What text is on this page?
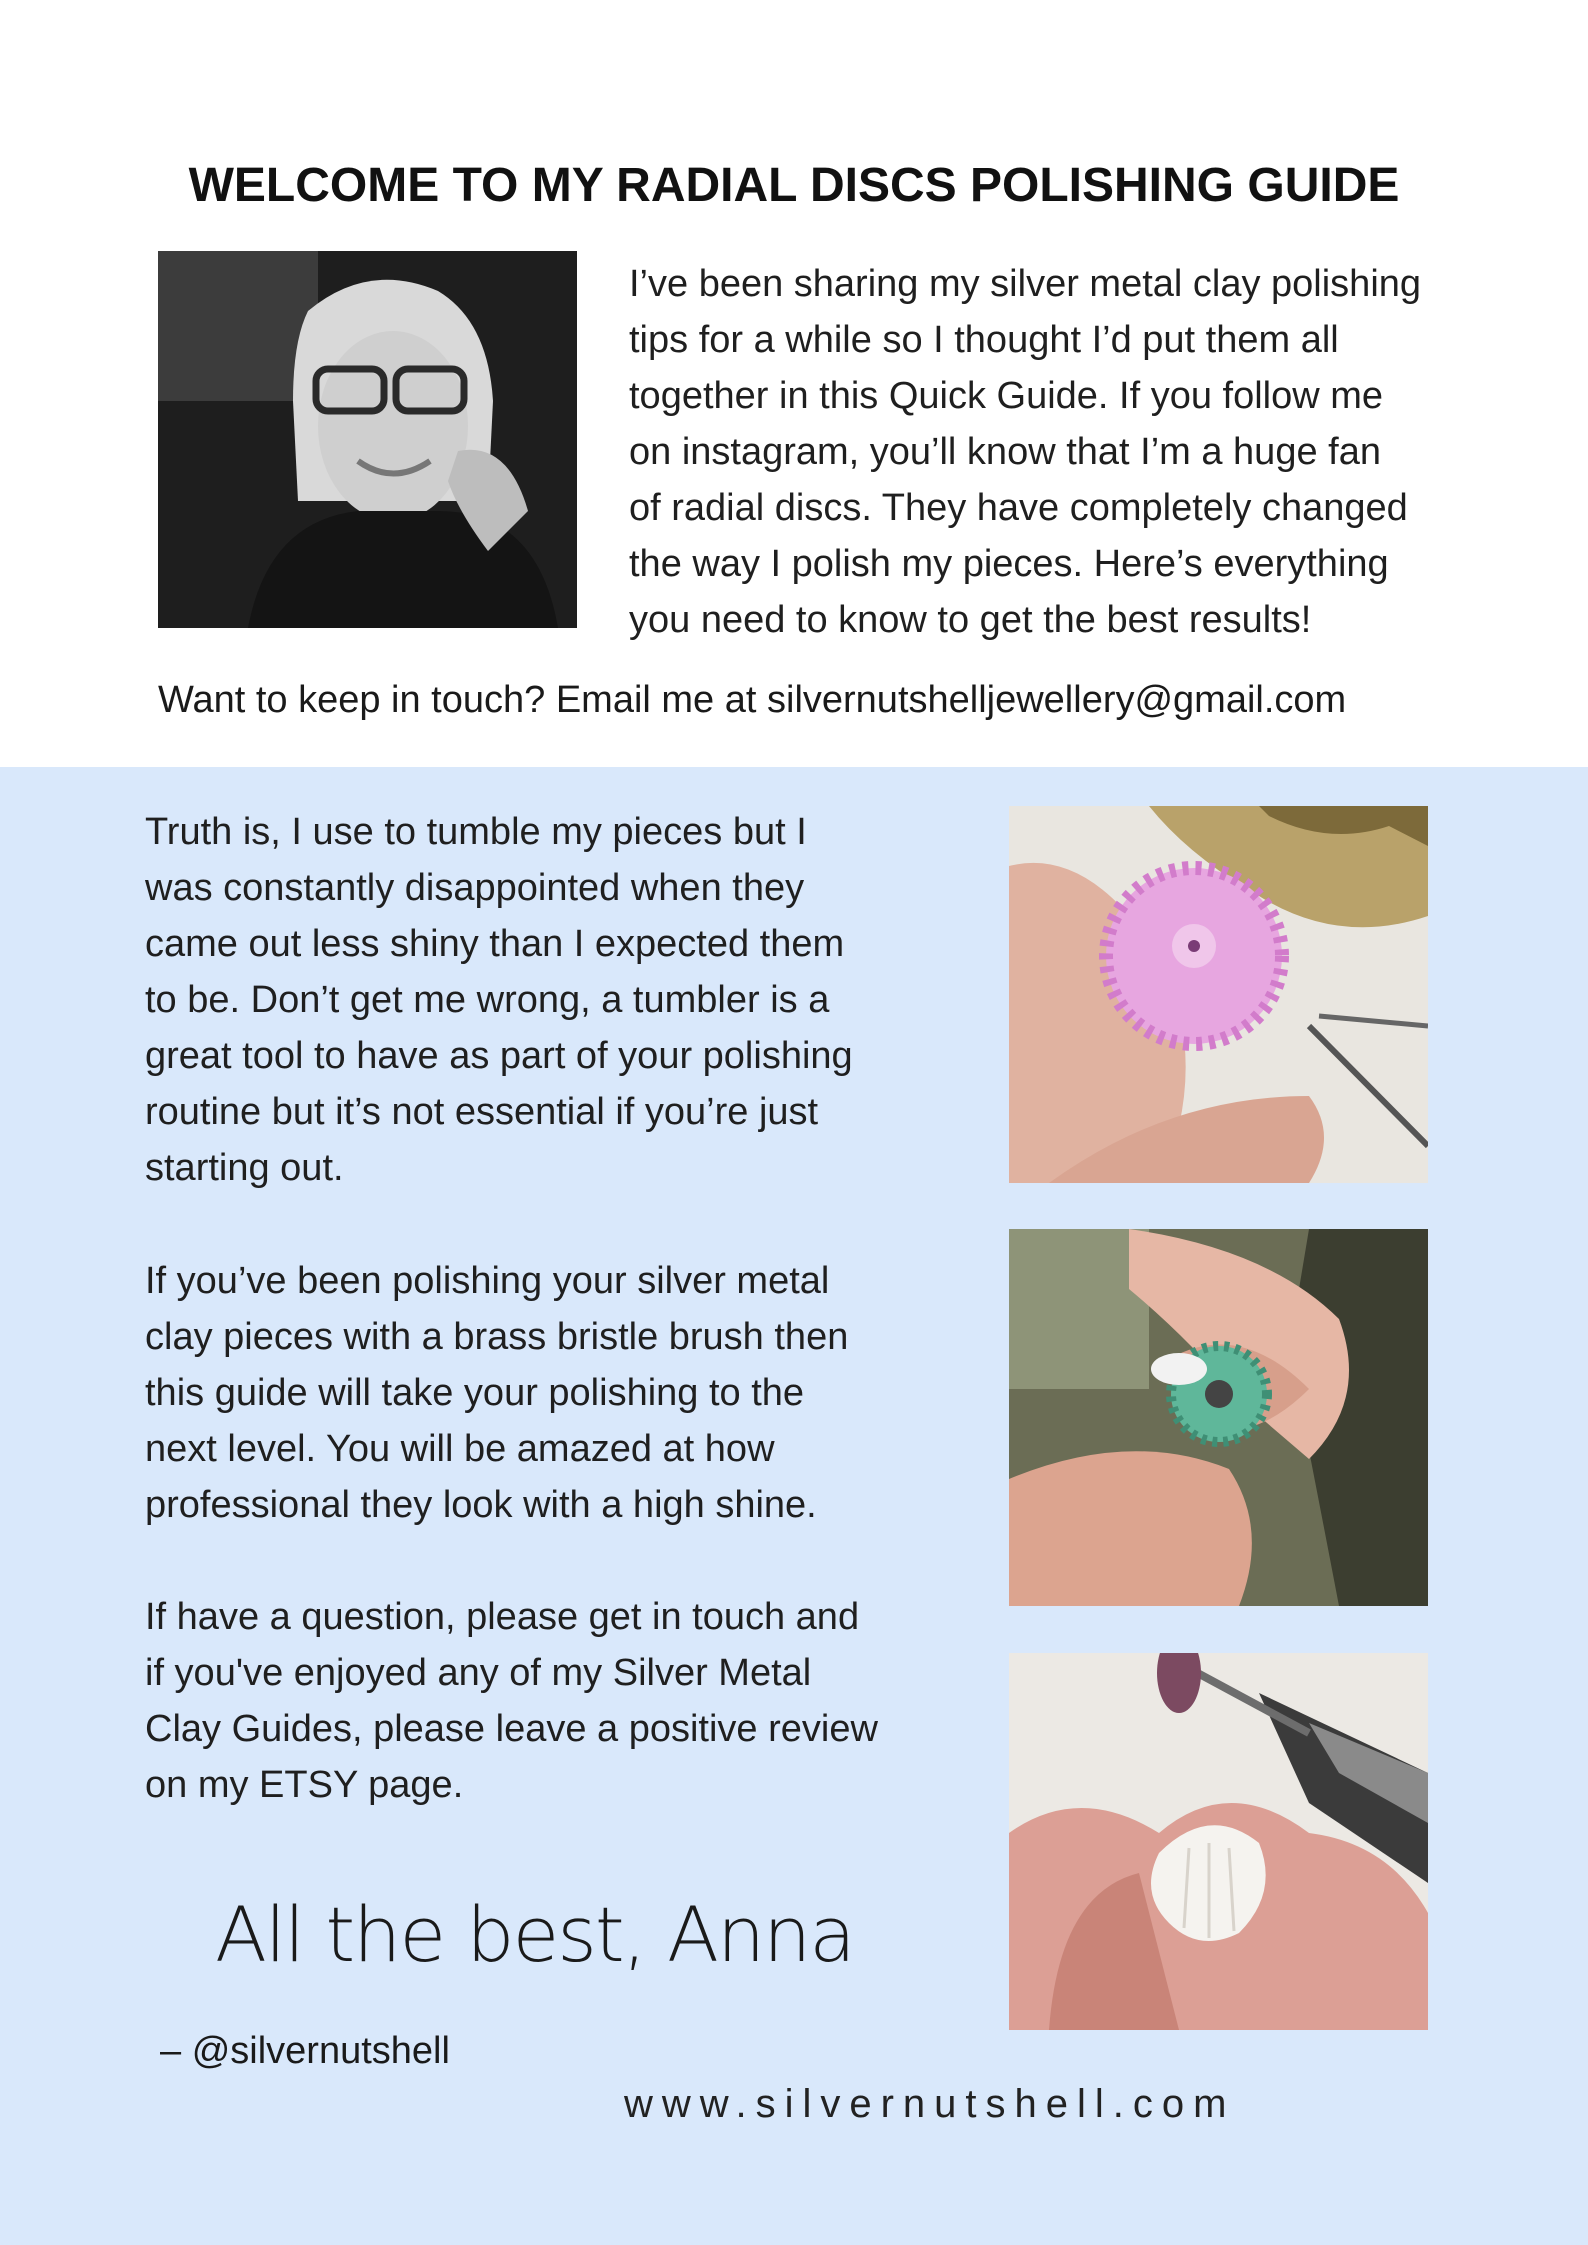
WELCOME TO MY RADIAL DISCS POLISHING GUIDE
I’ve been sharing my silver metal clay polishing
tips for a while so I thought I’d put them all
together in this Quick Guide. If you follow me
on instagram, you’ll know that I’m a huge fan
of radial discs. They have completely changed
the way I polish my pieces. Here’s everything
you need to know to get the best results!
Want to keep in touch? Email me at silvernutshelljewellery@gmail.com
Truth is, I use to tumble my pieces but I
was constantly disappointed when they
came out less shiny than I expected them
to be. Don’t get me wrong, a tumbler is a
great tool to have as part of your polishing
routine but it’s not essential if you’re just
starting out.
If you’ve been polishing your silver metal
clay pieces with a brass bristle brush then
this guide will take your polishing to the
next level. You will be amazed at how
professional they look with a high shine.
If have a question, please get in touch and
if you've enjoyed any of my Silver Metal
Clay Guides, please leave a positive review
on my ETSY page.
All the best, Anna
– @silvernutshell
www.silvernutshell.com
